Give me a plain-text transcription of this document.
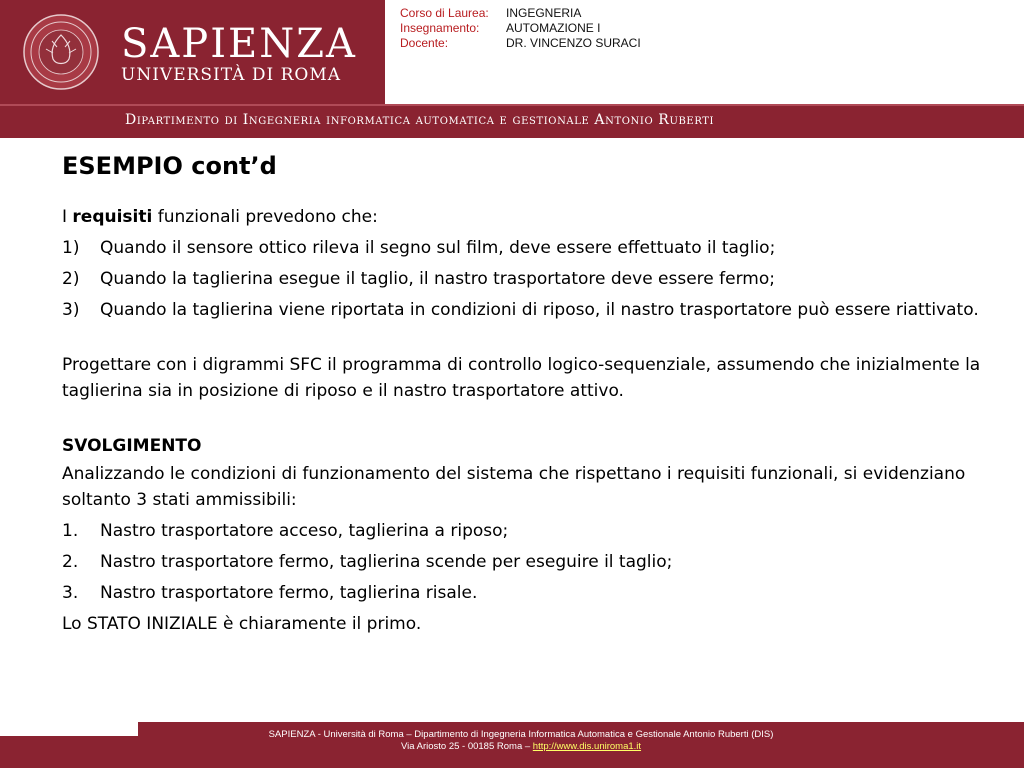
SAPIENZA
UNIVERSITÀ DI ROMA
Corso di Laurea:	INGEGNERIA
Insegnamento:	AUTOMAZIONE I
Docente:	DR. VINCENZO SURACI
Dipartimento di Ingegneria informatica automatica e gestionale Antonio Ruberti
ESEMPIO cont’d
I requisiti funzionali prevedono che:
1)	Quando il sensore ottico rileva il segno sul film, deve essere effettuato il taglio;
2)	Quando la taglierina esegue il taglio, il nastro trasportatore deve essere fermo;
3)	Quando la taglierina viene riportata in condizioni di riposo, il nastro trasportatore può essere riattivato.
Progettare con i digrammi SFC il programma di controllo logico-sequenziale, assumendo che inizialmente la taglierina sia in posizione di riposo e il nastro trasportatore attivo.
SVOLGIMENTO
Analizzando le condizioni di funzionamento del sistema che rispettano i requisiti funzionali, si evidenziano soltanto 3 stati ammissibili:
1.	Nastro trasportatore acceso, taglierina a riposo;
2.	Nastro trasportatore fermo, taglierina scende per eseguire il taglio;
3.	Nastro trasportatore fermo, taglierina risale.
Lo STATO INIZIALE è chiaramente il primo.
SAPIENZA - Università di Roma – Dipartimento di Ingegneria Informatica Automatica e Gestionale Antonio Ruberti (DIS)
Via Ariosto 25 - 00185 Roma – http://www.dis.uniroma1.it
